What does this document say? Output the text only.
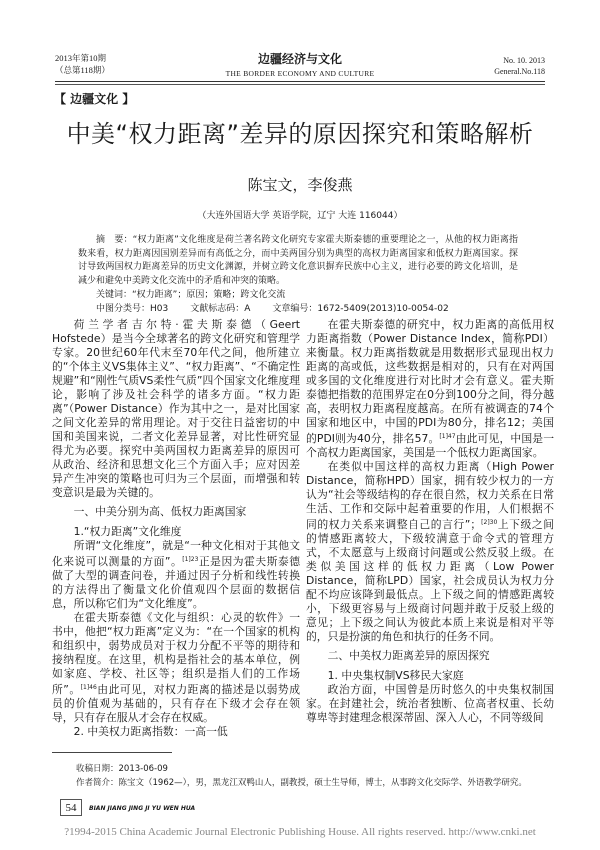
2013年第10期
（总第118期）
边疆经济与文化
THE BORDER ECONOMY AND CULTURE
No. 10. 2013
General.No.118
【 边疆文化 】
中美“权力距离”差异的原因探究和策略解析
陈宝文，李俊燕
（大连外国语大学 英语学院，辽宁 大连 116044）

摘　要：“权力距离”文化维度是荷兰著名跨文化研究专家霍夫斯泰德的重要理论之一，从他的权力距离指数来看，权力距离因国别差异而有高低之分，而中美两国分别为典型的高权力距离国家和低权力距离国家。探讨导致两国权力距离差异的历史文化渊源，并树立跨文化意识摒弃民族中心主义，进行必要的跨文化培训，是减少和避免中美跨文化交流中的矛盾和冲突的策略。

关键词：“权力距离”；原因；策略；跨文化交流
中图分类号：H03 文献标志码：A 文章编号：1672-5409(2013)10-0054-02

荷兰学者吉尔特·霍夫斯泰德（Geert Hofstede）是当今全球著名的跨文化研究和管理学专家。20世纪60年代末至70年代之间，他所建立的“个体主义VS集体主义”、“权力距离”、“不确定性规避”和“刚性气质VS柔性气质”四个国家文化维度理论，影响了涉及社会科学的诸多方面。“权力距离”（Power Distance）作为其中之一，是对比国家之间文化差异的常用理论。对于交往日益密切的中国和美国来说，二者文化差异显著，对比性研究显得尤为必要。探究中美两国权力距离差异的原因可从政治、经济和思想文化三个方面入手；应对因差异产生冲突的策略也可归为三个层面，而增强和转变意识是最为关键的。

一、中美分别为高、低权力距离国家
1.“权力距离”文化维度

所谓“文化维度”，就是“一种文化相对于其他文化来说可以测量的方面”。$^{[1]23}$正是因为霍夫斯泰德做了大型的调查问卷，并通过因子分析和线性转换的方法得出了衡量文化价值观四个层面的数据信息，所以称它们为“文化维度”。

在霍夫斯泰德《文化与组织：心灵的软件》一书中，他把“权力距离”定义为：“在一个国家的机构和组织中，弱势成员对于权力分配不平等的期待和接纳程度。在这里，机构是指社会的基本单位，例如家庭、学校、社区等；组织是指人们的工作场所”。$^{[1]46}$由此可见，对权力距离的描述是以弱势成员的价值观为基础的，只有存在下级才会存在领导，只有存在服从才会存在权威。

2. 中美权力距离指数：一高一低

在霍夫斯泰德的研究中，权力距离的高低用权力距离指数（Power Distance Index，简称PDI）来衡量。权力距离指数就是用数据形式显现出权力距离的高或低，这些数据是相对的，只有在对两国或多国的文化维度进行对比时才会有意义。霍夫斯泰德把指数的范围界定在0分到100分之间，得分越高，表明权力距离程度越高。在所有被调查的74个国家和地区中，中国的PDI为80分，排名12；美国的PDI则为40分，排名57。$^{[1]47}$由此可见，中国是一个高权力距离国家，美国是一个低权力距离国家。

在类似中国这样的高权力距离（High Power Distance，简称HPD）国家，拥有较少权力的一方认为“社会等级结构的存在很自然，权力关系在日常生活、工作和交际中起着重要的作用，人们根据不同的权力关系来调整自己的言行”；$^{[2]30}$上下级之间的情感距离较大，下级较满意于命令式的管理方式，不太愿意与上级商讨问题或公然反驳上级。在类似美国这样的低权力距离（Low Power Distance，简称LPD）国家，社会成员认为权力分配不均应该降到最低点。上下级之间的情感距离较小，下级更容易与上级商讨问题并敢于反驳上级的意见；上下级之间认为彼此本质上来说是相对平等的，只是扮演的角色和执行的任务不同。

二、中美权力距离差异的原因探究
1. 中央集权制VS移民大家庭

政治方面，中国曾是历时悠久的中央集权制国家。在封建社会，统治者独断、位高者权重、长幼尊卑等封建理念根深蒂固、深入人心，不同等级间

收稿日期：2013-06-09
作者简介：陈宝文（1962—），男，黑龙江双鸭山人，副教授，硕士生导师，博士，从事跨文化交际学、外语教学研究。
54	BIAN JIANG JING JI YU WEN HUA
?1994-2015 China Academic Journal Electronic Publishing House. All rights reserved. http://www.cnki.net
